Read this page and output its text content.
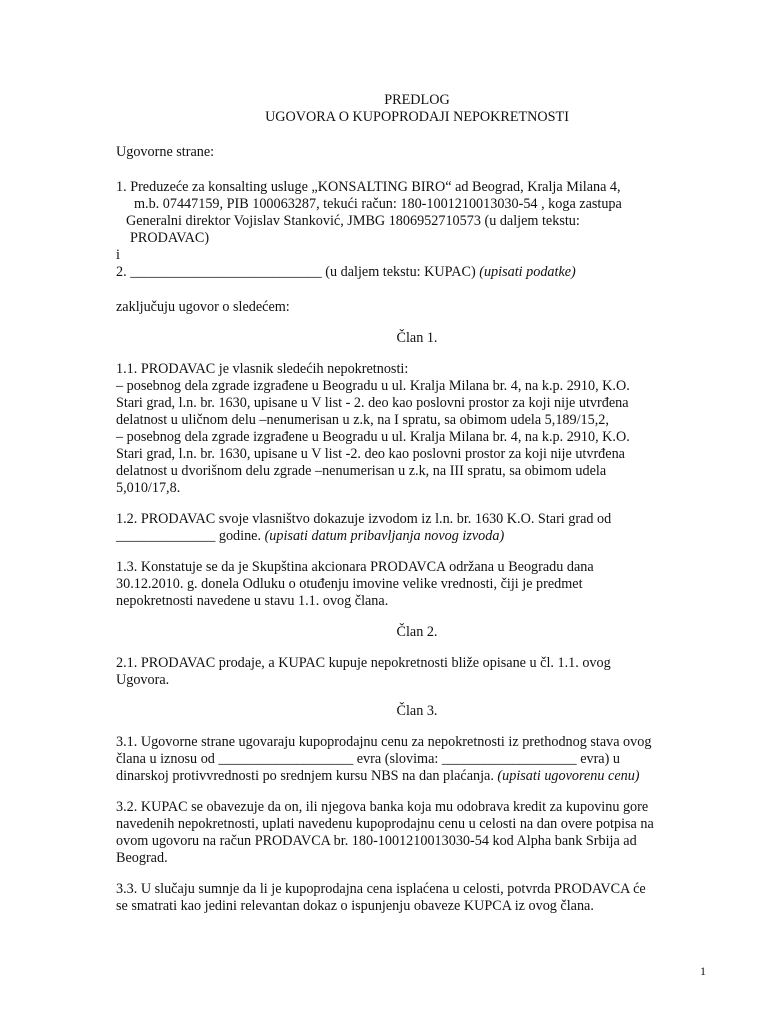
PREDLOG

UGOVORA O KUPOPRODAJI NEPOKRETNOSTI

Ugovorne strane:

1. Preduzeće za konsalting usluge „KONSALTING BIRO“ ad Beograd, Kralja Milana 4,

m.b. 07447159, PIB 100063287, tekući račun: 180-1001210013030-54 , koga zastupa

Generalni direktor Vojislav Stanković, JMBG 1806952710573 (u daljem tekstu:

PRODAVAC)

i

2. ___________________________ (u daljem tekstu: KUPAC) (upisati podatke)

zaključuju ugovor o sledećem:

Član 1.

1.1. PRODAVAC je vlasnik sledećih nepokretnosti:

– posebnog dela zgrade izgrađene u Beogradu u ul. Kralja Milana br. 4, na k.p. 2910, K.O.

Stari grad, l.n. br. 1630, upisane u V list - 2. deo kao poslovni prostor za koji nije utvrđena

delatnost u uličnom delu –nenumerisan u z.k, na I spratu, sa obimom udela 5,189/15,2,

– posebnog dela zgrade izgrađene u Beogradu u ul. Kralja Milana br. 4, na k.p. 2910, K.O.

Stari grad, l.n. br. 1630, upisane u V list -2. deo kao poslovni prostor za koji nije utvrđena

delatnost u dvorišnom delu zgrade –nenumerisan u z.k, na III spratu, sa obimom udela

5,010/17,8.

1.2. PRODAVAC svoje vlasništvo dokazuje izvodom iz l.n. br. 1630 K.O. Stari grad od

______________ godine. (upisati datum pribavljanja novog izvoda)

1.3. Konstatuje se da je Skupština akcionara PRODAVCA održana u Beogradu dana

30.12.2010. g. donela Odluku o otuđenju imovine velike vrednosti, čiji je predmet

nepokretnosti navedene u stavu 1.1. ovog člana.

Član 2.

2.1. PRODAVAC prodaje, a KUPAC kupuje nepokretnosti bliže opisane u čl. 1.1. ovog

Ugovora.

Član 3.

3.1. Ugovorne strane ugovaraju kupoprodajnu cenu za nepokretnosti iz prethodnog stava ovog

člana u iznosu od ___________________ evra (slovima: ___________________ evra) u

dinarskoj protivvrednosti po srednjem kursu NBS na dan plaćanja. (upisati ugovorenu cenu)

3.2. KUPAC se obavezuje da on, ili njegova banka koja mu odobrava kredit za kupovinu gore

navedenih nepokretnosti, uplati navedenu kupoprodajnu cenu u celosti na dan overe potpisa na

ovom ugovoru na račun PRODAVCA br. 180-1001210013030-54 kod Alpha bank Srbija ad

Beograd.

3.3. U slučaju sumnje da li je kupoprodajna cena isplaćena u celosti, potvrda PRODAVCA će

se smatrati kao jedini relevantan dokaz o ispunjenju obaveze KUPCA iz ovog člana.

1
